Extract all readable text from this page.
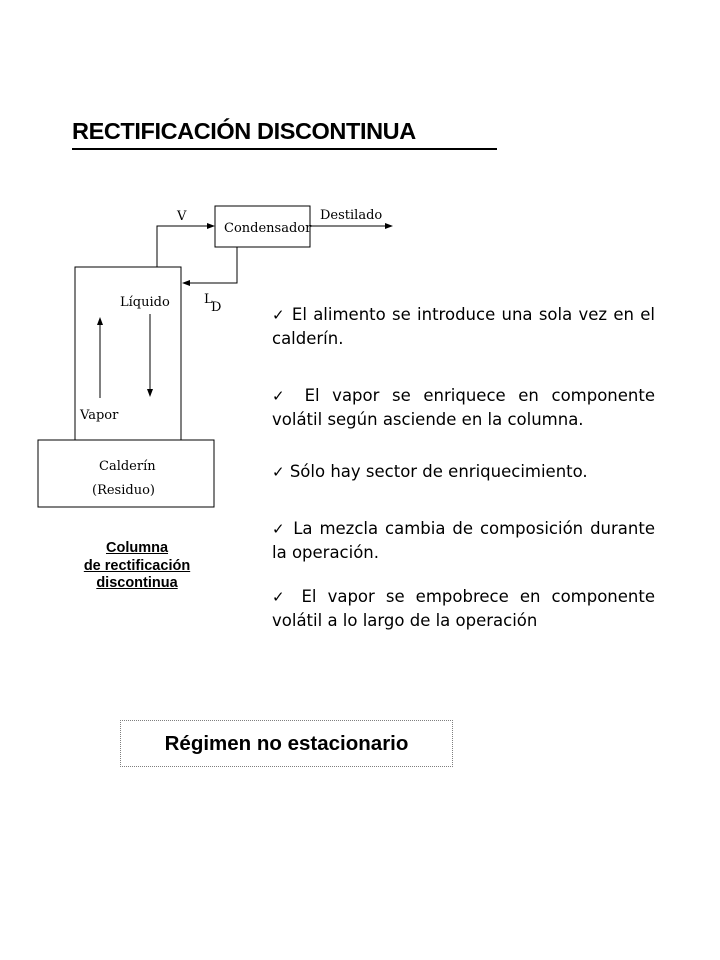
RECTIFICACIÓN DISCONTINUA
V
Condensador
Destilado
L
D
Líquido
Vapor
Calderín
(Residuo)
Columna
de rectificación
discontinua

✓ El alimento se introduce una sola vez en el calderín.

✓ El vapor se enriquece en componente volátil según asciende en la columna.

✓ Sólo hay sector de enriquecimiento.

✓ La mezcla cambia de composición durante la operación.

✓ El vapor se empobrece en componente volátil a lo largo de la operación

Régimen no estacionario
